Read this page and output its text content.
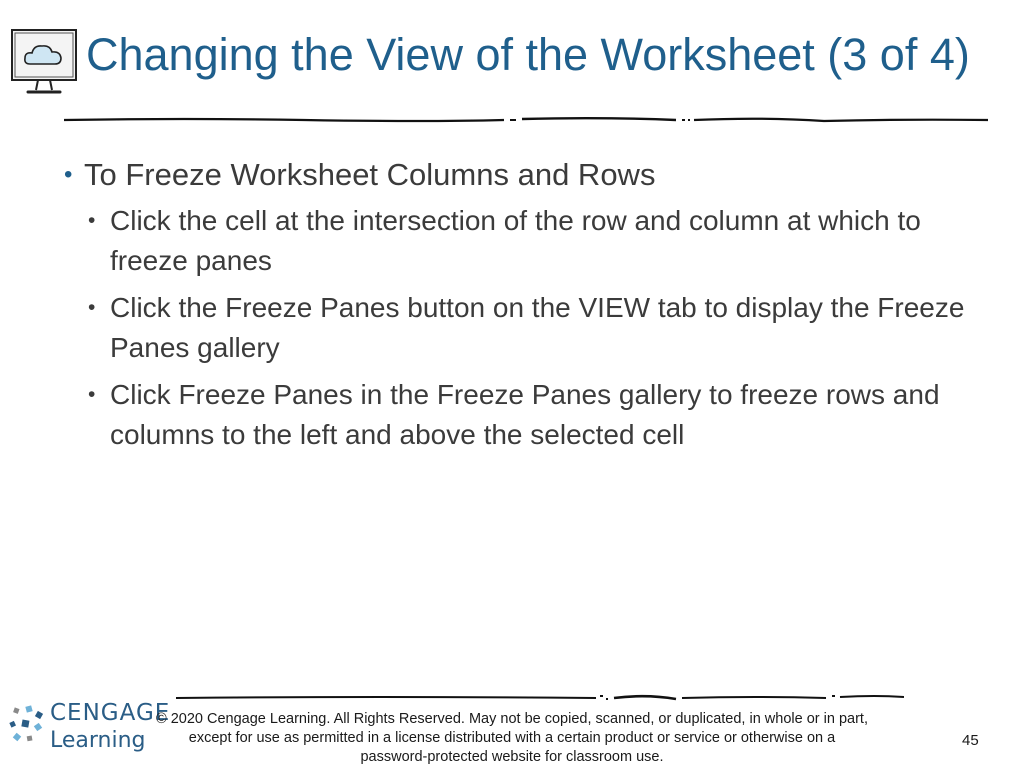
Changing the View of the Worksheet (3 of 4)
• To Freeze Worksheet Columns and Rows
• Click the cell at the intersection of the row and column at which to freeze panes
• Click the Freeze Panes button on the VIEW tab to display the Freeze Panes gallery
• Click Freeze Panes in the Freeze Panes gallery to freeze rows and columns to the left and above the selected cell
CENGAGE
Learning
© 2020 Cengage Learning. All Rights Reserved. May not be copied, scanned, or duplicated, in whole or in part, except for use as permitted in a license distributed with a certain product or service or otherwise on a password-protected website for classroom use.
45
